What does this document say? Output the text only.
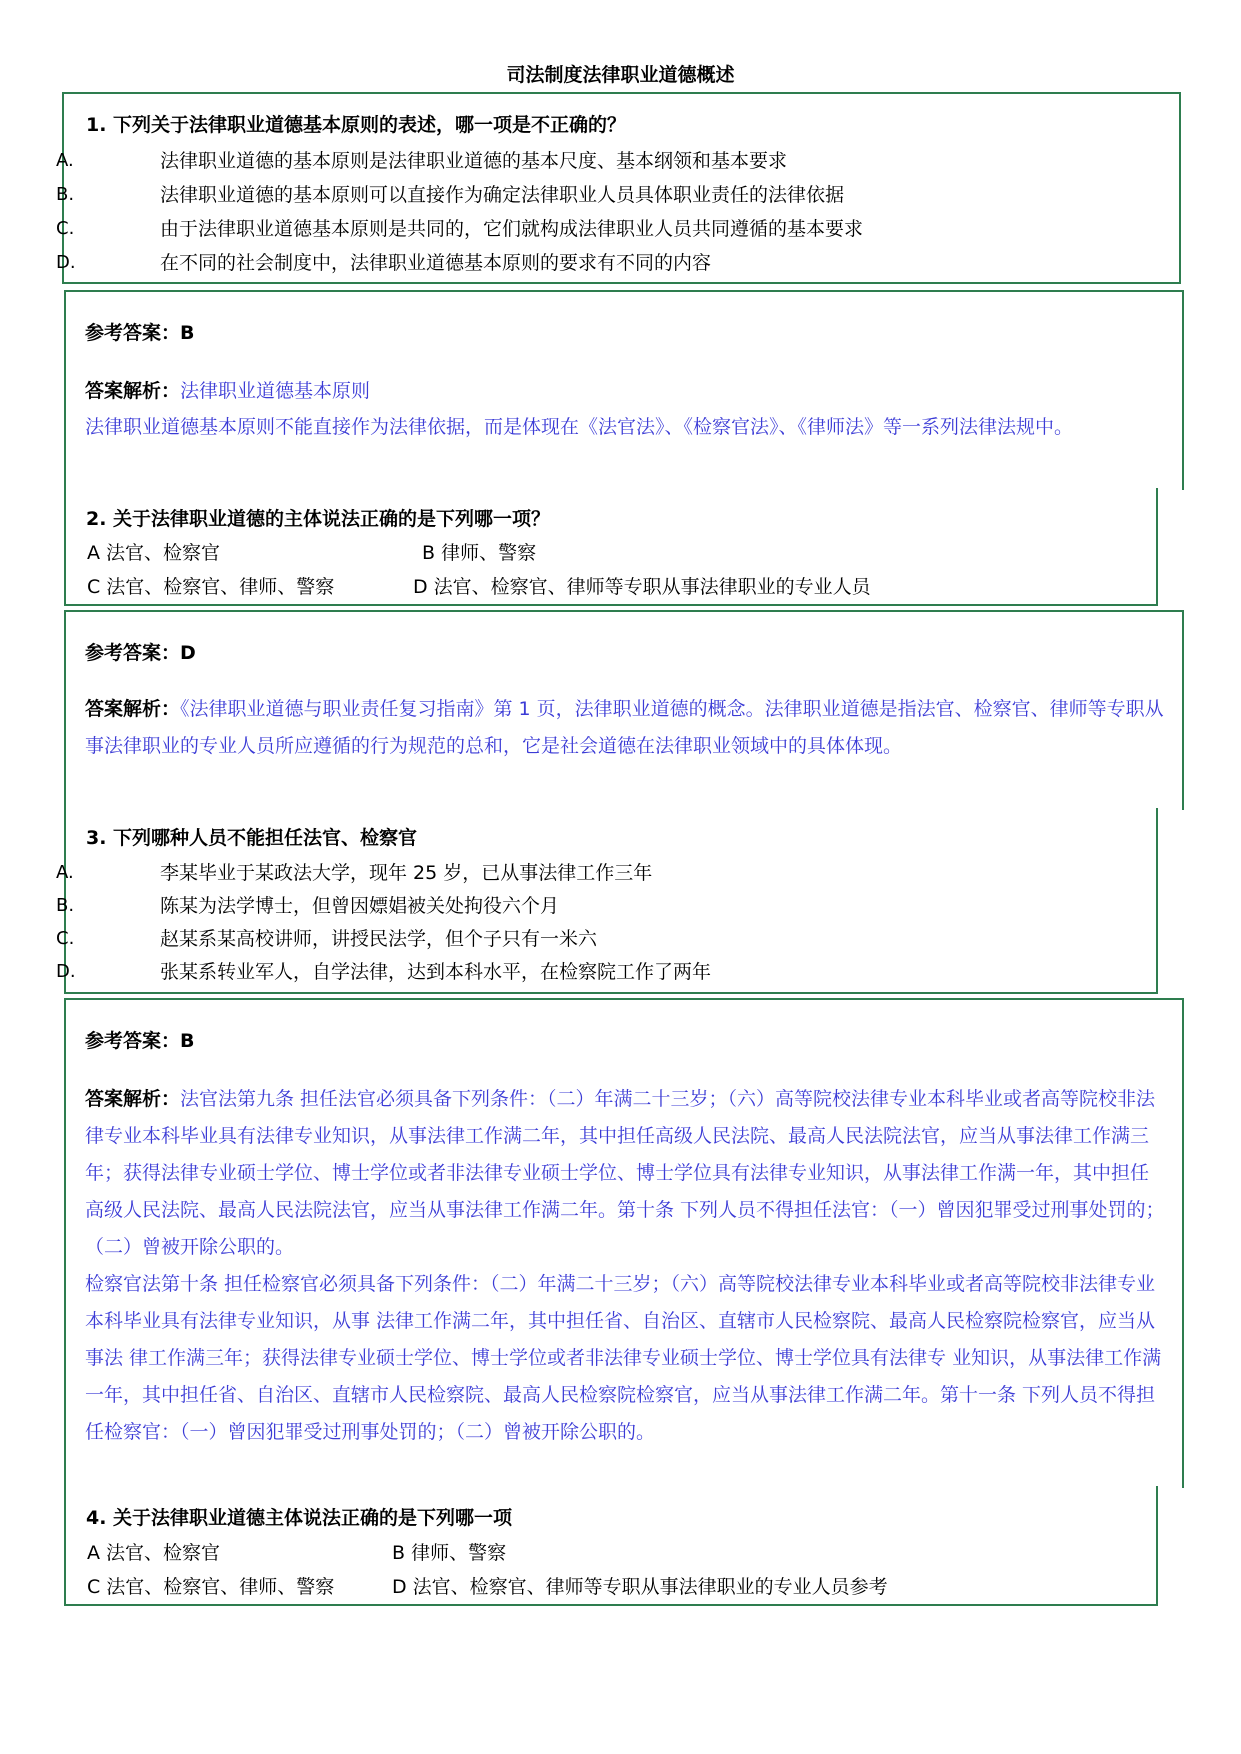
司法制度法律职业道德概述
1. 下列关于法律职业道德基本原则的表述，哪一项是不正确的？
A.	法律职业道德的基本原则是法律职业道德的基本尺度、基本纲领和基本要求
B.	法律职业道德的基本原则可以直接作为确定法律职业人员具体职业责任的法律依据
C.	由于法律职业道德基本原则是共同的，它们就构成法律职业人员共同遵循的基本要求
D.	在不同的社会制度中，法律职业道德基本原则的要求有不同的内容
参考答案：B
答案解析：法律职业道德基本原则
法律职业道德基本原则不能直接作为法律依据，而是体现在《法官法》、《检察官法》、《律师法》等一系列法律法规中。
2. 关于法律职业道德的主体说法正确的是下列哪一项？
A 法官、检察官	B 律师、警察
C 法官、检察官、律师、警察	D 法官、检察官、律师等专职从事法律职业的专业人员
参考答案：D
答案解析：《法律职业道德与职业责任复习指南》第 1 页，法律职业道德的概念。法律职业道德是指法官、检察官、律师等专职从事法律职业的专业人员所应遵循的行为规范的总和，它是社会道德在法律职业领域中的具体体现。
3. 下列哪种人员不能担任法官、检察官
A.	李某毕业于某政法大学，现年 25 岁，已从事法律工作三年
B.	陈某为法学博士，但曾因嫖娼被关处拘役六个月
C.	赵某系某高校讲师，讲授民法学，但个子只有一米六
D.	张某系转业军人，自学法律，达到本科水平，在检察院工作了两年
参考答案：B
答案解析：法官法第九条 担任法官必须具备下列条件：（二）年满二十三岁；（六）高等院校法律专业本科毕业或者高等院校非法律专业本科毕业具有法律专业知识，从事法律工作满二年，其中担任高级人民法院、最高人民法院法官，应当从事法律工作满三年；获得法律专业硕士学位、博士学位或者非法律专业硕士学位、博士学位具有法律专业知识，从事法律工作满一年，其中担任高级人民法院、最高人民法院法官，应当从事法律工作满二年。第十条 下列人员不得担任法官：（一）曾因犯罪受过刑事处罚的；（二）曾被开除公职的。
检察官法第十条 担任检察官必须具备下列条件：（二）年满二十三岁；（六）高等院校法律专业本科毕业或者高等院校非法律专业本科毕业具有法律专业知识，从事 法律工作满二年，其中担任省、自治区、直辖市人民检察院、最高人民检察院检察官，应当从事法 律工作满三年；获得法律专业硕士学位、博士学位或者非法律专业硕士学位、博士学位具有法律专 业知识，从事法律工作满一年，其中担任省、自治区、直辖市人民检察院、最高人民检察院检察官，应当从事法律工作满二年。第十一条 下列人员不得担任检察官：（一）曾因犯罪受过刑事处罚的；（二）曾被开除公职的。
4. 关于法律职业道德主体说法正确的是下列哪一项
A 法官、检察官	B 律师、警察
C 法官、检察官、律师、警察	D 法官、检察官、律师等专职从事法律职业的专业人员参考
